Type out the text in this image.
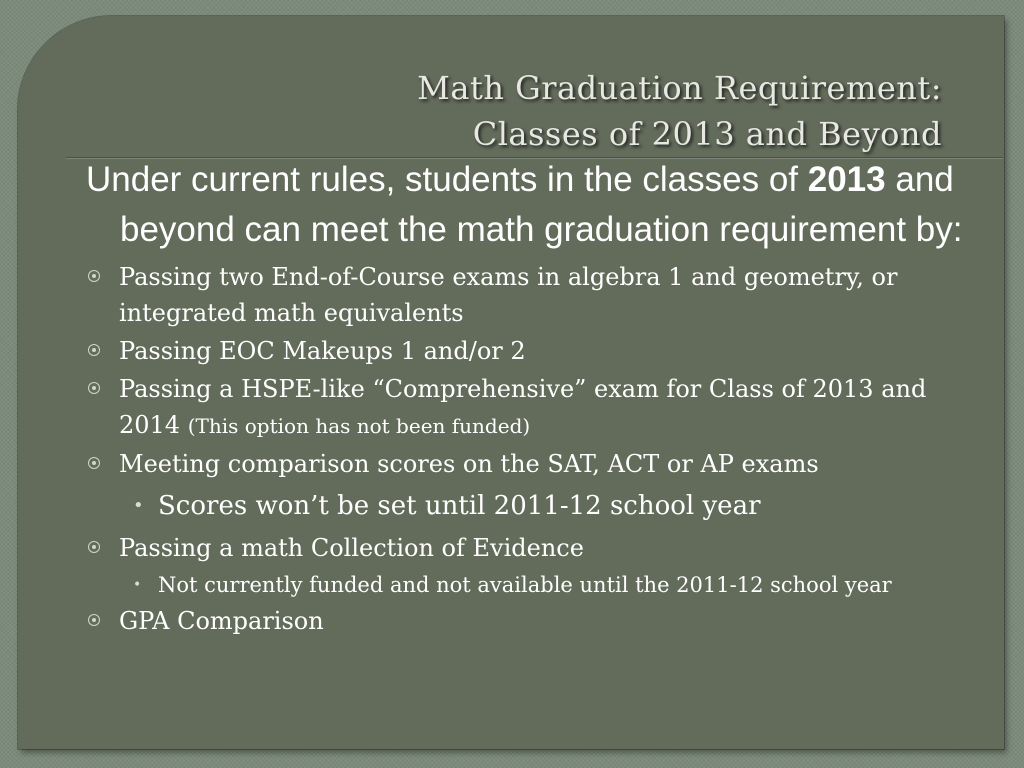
Math Graduation Requirement:
Classes of 2013 and Beyond

Under current rules, students in the classes of 2013 and beyond can meet the math graduation requirement by:

Passing two End-of-Course exams in algebra 1 and geometry, or integrated math equivalents
Passing EOC Makeups 1 and/or 2
Passing a HSPE-like “Comprehensive” exam for Class of 2013 and 2014 (This option has not been funded)
Meeting comparison scores on the SAT, ACT or AP exams
• Scores won’t be set until 2011-12 school year
Passing a math Collection of Evidence
• Not currently funded and not available until the 2011-12 school year
GPA Comparison
